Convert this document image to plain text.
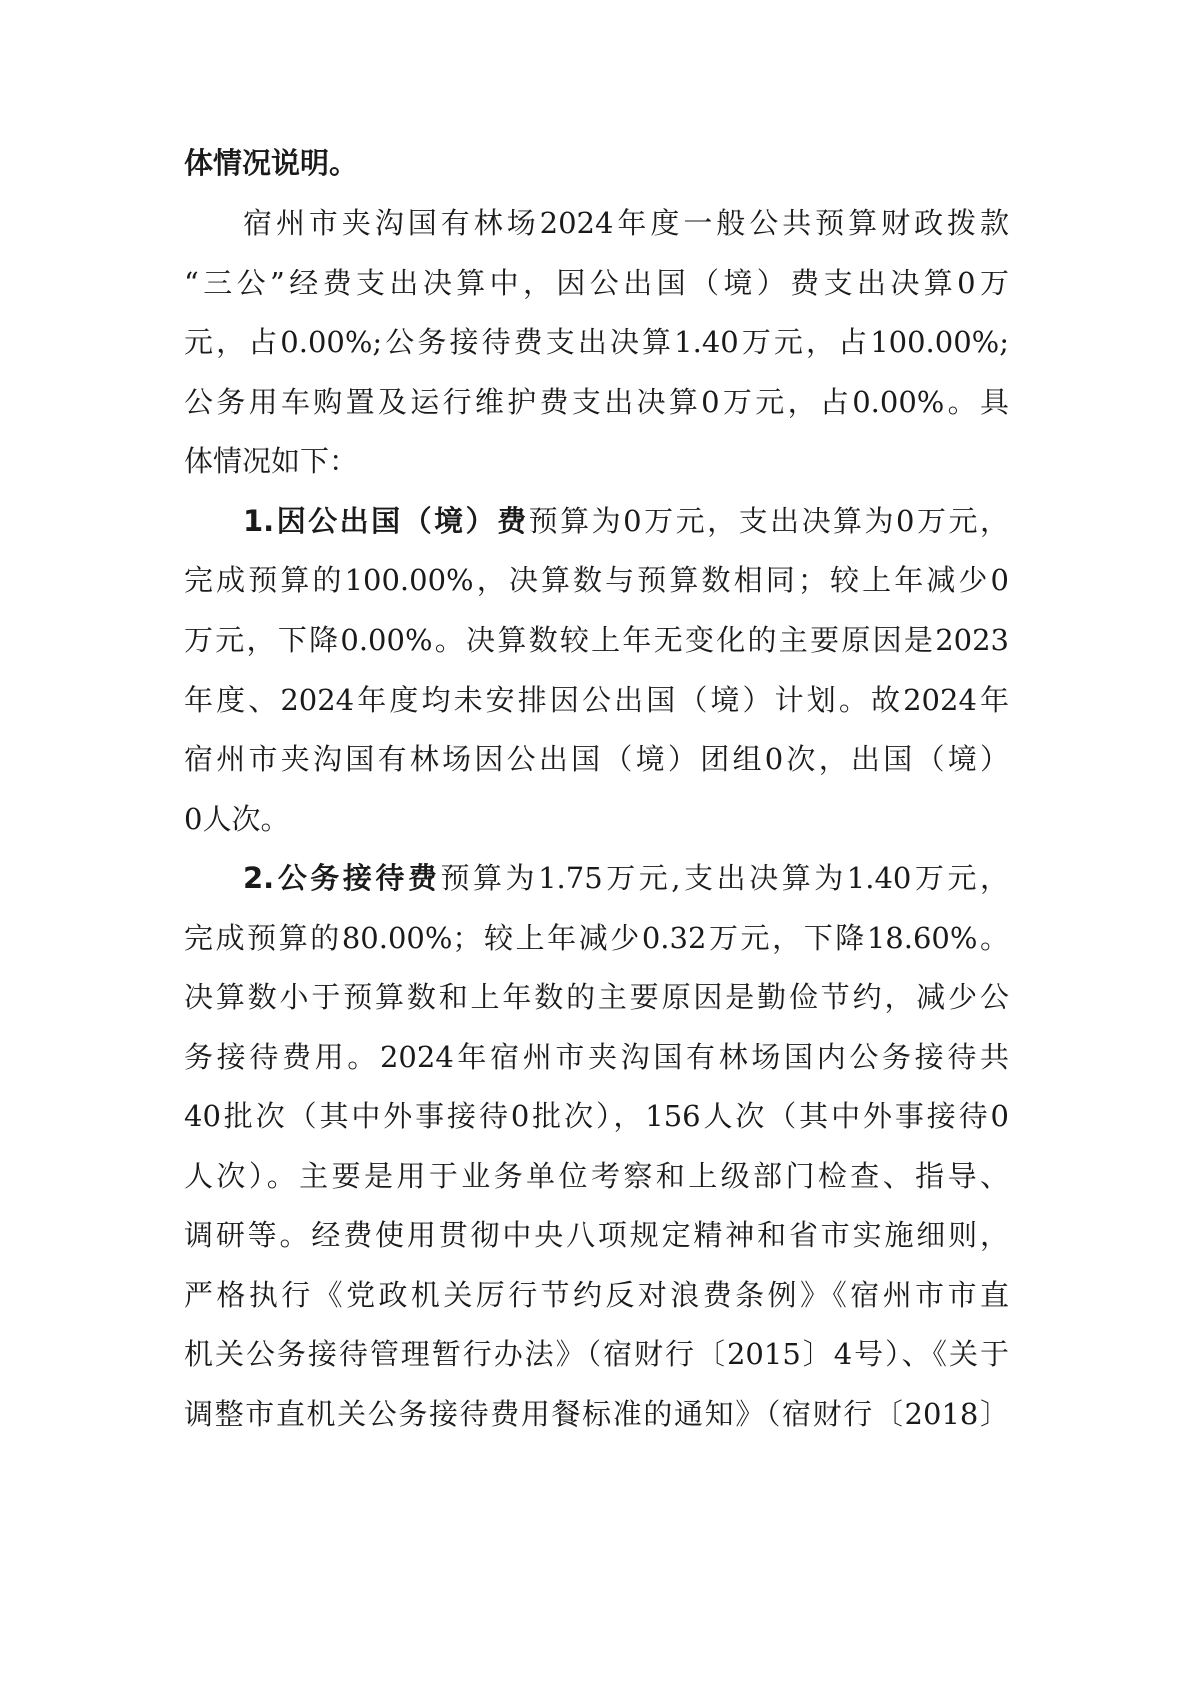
体情况说明。
宿州市夹沟国有林场2024年度一般公共预算财政拨款
“三公”经费支出决算中，因公出国（境）费支出决算0万
元，占0.00%;公务接待费支出决算1.40万元，占100.00%;
公务用车购置及运行维护费支出决算0万元，占0.00%。具
体情况如下：
1.因公出国（境）费预算为0万元，支出决算为0万元，
完成预算的100.00%，决算数与预算数相同；较上年减少0
万元，下降0.00%。决算数较上年无变化的主要原因是2023
年度、2024年度均未安排因公出国（境）计划。故2024年
宿州市夹沟国有林场因公出国（境）团组0次，出国（境）
0人次。
2.公务接待费预算为1.75万元,支出决算为1.40万元，
完成预算的80.00%；较上年减少0.32万元，下降18.60%。
决算数小于预算数和上年数的主要原因是勤俭节约，减少公
务接待费用。2024年宿州市夹沟国有林场国内公务接待共
40批次（其中外事接待0批次），156人次（其中外事接待0
人次）。主要是用于业务单位考察和上级部门检查、指导、
调研等。经费使用贯彻中央八项规定精神和省市实施细则，
严格执行《党政机关厉行节约反对浪费条例》《宿州市市直
机关公务接待管理暂行办法》（宿财行〔2015〕4号）、《关于
调整市直机关公务接待费用餐标准的通知》（宿财行〔2018〕
